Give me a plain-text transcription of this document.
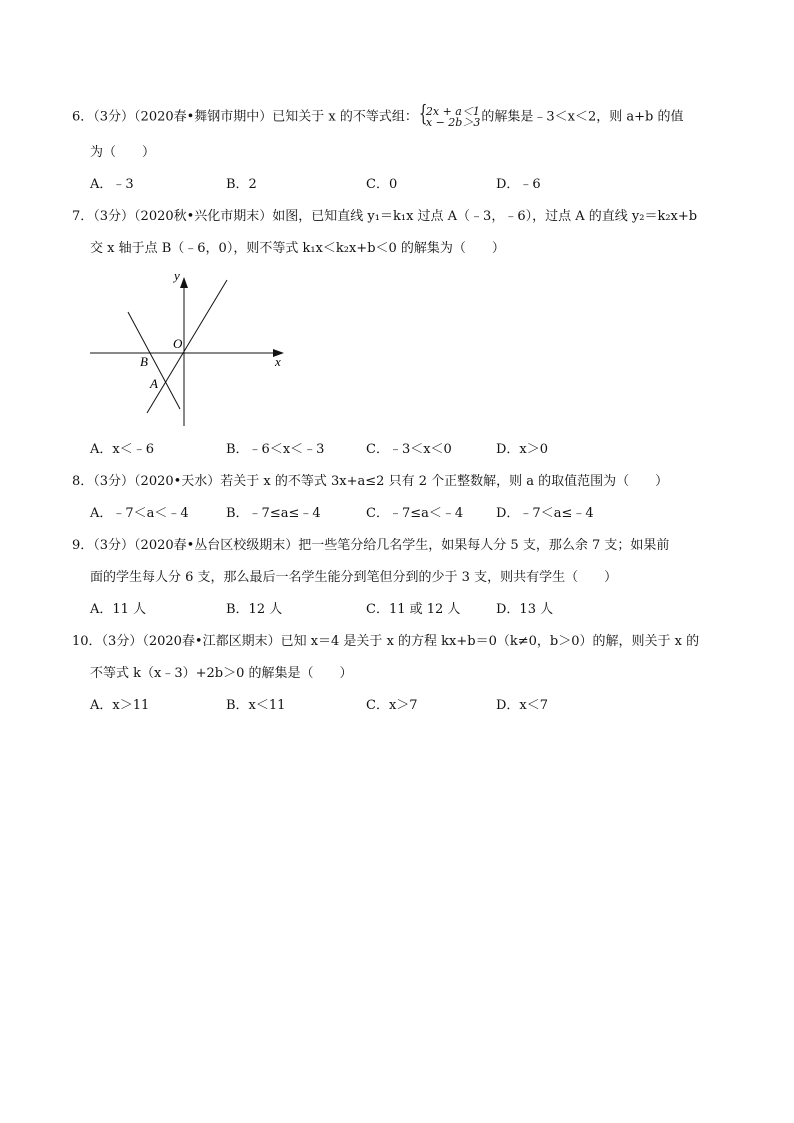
6．（3分）（2020春•舞钢市期中）已知关于 x 的不等式组： {
2x + a＜1
x − 2b＞3 的解集是﹣3＜x＜2，则 a+b 的值
为（　　）
A．﹣3	B．2	C．0	D．﹣6
7．（3分）（2020秋•兴化市期末）如图，已知直线 y₁＝k₁x 过点 A（﹣3，﹣6），过点 A 的直线 y₂＝k₂x+b
交 x 轴于点 B（﹣6，0），则不等式 k₁x＜k₂x+b＜0 的解集为（　　）
y
x
O
B
A
A．x＜﹣6	B．﹣6＜x＜﹣3	C．﹣3＜x＜0	D．x＞0
8．（3分）（2020•天水）若关于 x 的不等式 3x+a≤2 只有 2 个正整数解，则 a 的取值范围为（　　）
A．﹣7＜a＜﹣4	B．﹣7≤a≤﹣4	C．﹣7≤a＜﹣4	D．﹣7＜a≤﹣4
9．（3分）（2020春•丛台区校级期末）把一些笔分给几名学生，如果每人分 5 支，那么余 7 支；如果前
面的学生每人分 6 支，那么最后一名学生能分到笔但分到的少于 3 支，则共有学生（　　）
A．11 人	B．12 人	C．11 或 12 人	D．13 人
10．（3分）（2020春•江都区期末）已知 x＝4 是关于 x 的方程 kx+b＝0（k≠0，b＞0）的解，则关于 x 的
不等式 k（x﹣3）+2b＞0 的解集是（　　）
A．x＞11	B．x＜11	C．x＞7	D．x＜7
